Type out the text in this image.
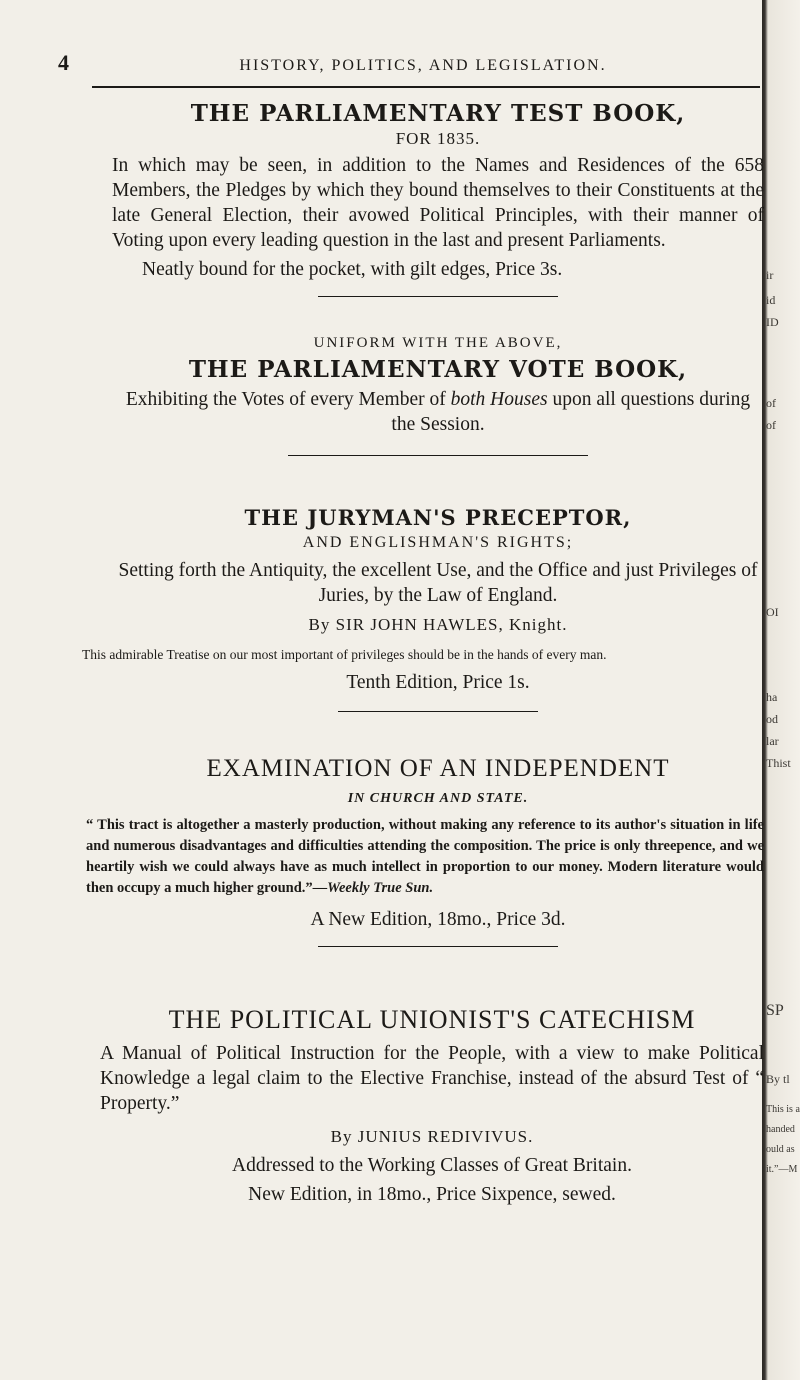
ir
id
ID
of
of
OI
ha
od
lar
Thist
SP
By tl
This is a
handed
ould as
it.”—M
4	HISTORY, POLITICS, AND LEGISLATION.
THE PARLIAMENTARY TEST BOOK,
FOR 1835.
In which may be seen, in addition to the Names and Residences of the 658 Members, the Pledges by which they bound themselves to their Constituents at the late General Election, their avowed Political Principles, with their manner of Voting upon every leading question in the last and present Parliaments.
Neatly bound for the pocket, with gilt edges, Price 3s.
UNIFORM WITH THE ABOVE,
THE PARLIAMENTARY VOTE BOOK,
Exhibiting the Votes of every Member of both Houses upon all questions during the Session.
THE JURYMAN'S PRECEPTOR,
AND ENGLISHMAN'S RIGHTS;
Setting forth the Antiquity, the excellent Use, and the Office and just Privileges of Juries, by the Law of England.
By SIR JOHN HAWLES, Knight.
This admirable Treatise on our most important of privileges should be in the hands of every man.
Tenth Edition, Price 1s.
EXAMINATION OF AN INDEPENDENT
IN CHURCH AND STATE.
“ This tract is altogether a masterly production, without making any reference to its author's situation in life and numerous disadvantages and difficulties attending the composition. The price is only threepence, and we heartily wish we could always have as much intellect in proportion to our money. Modern literature would then occupy a much higher ground.”—Weekly True Sun.
A New Edition, 18mo., Price 3d.
THE POLITICAL UNIONIST'S CATECHISM
A Manual of Political Instruction for the People, with a view to make Political Knowledge a legal claim to the Elective Franchise, instead of the absurd Test of “ Property.”
By JUNIUS REDIVIVUS.
Addressed to the Working Classes of Great Britain.
New Edition, in 18mo., Price Sixpence, sewed.
